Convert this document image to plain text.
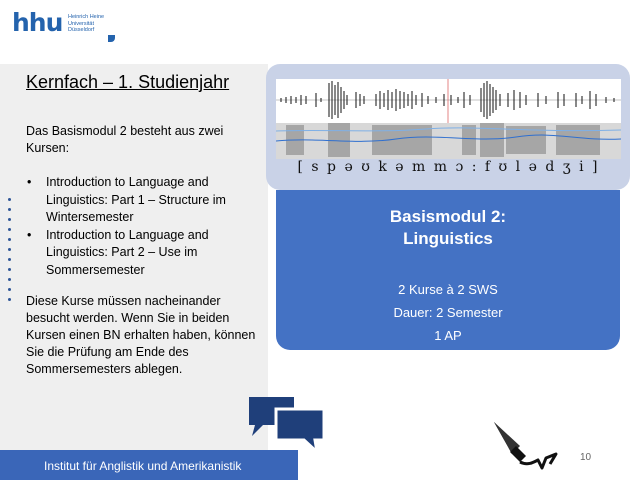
hhu Heinrich Heine
Universität
Düsseldorf
Kernfach – 1. Studienjahr
Das Basismodul 2 besteht aus zwei Kursen:
• Introduction to Language and Linguistics: Part 1 – Structure im Wintersemester
• Introduction to Language and Linguistics: Part 2 – Use im Sommersemester
Diese Kurse müssen nacheinander besucht werden. Wenn Sie in beiden Kursen einen BN erhalten haben, können Sie die Prüfung am Ende des Sommersemesters ablegen.
Institut für Anglistik und Amerikanistik
[ s p ə ʊ k ə m m ɔ : f ʊ l ə d ʒ i ]
Basismodul 2:
Linguistics
2 Kurse à 2 SWS
Dauer: 2 Semester
1 AP
10
